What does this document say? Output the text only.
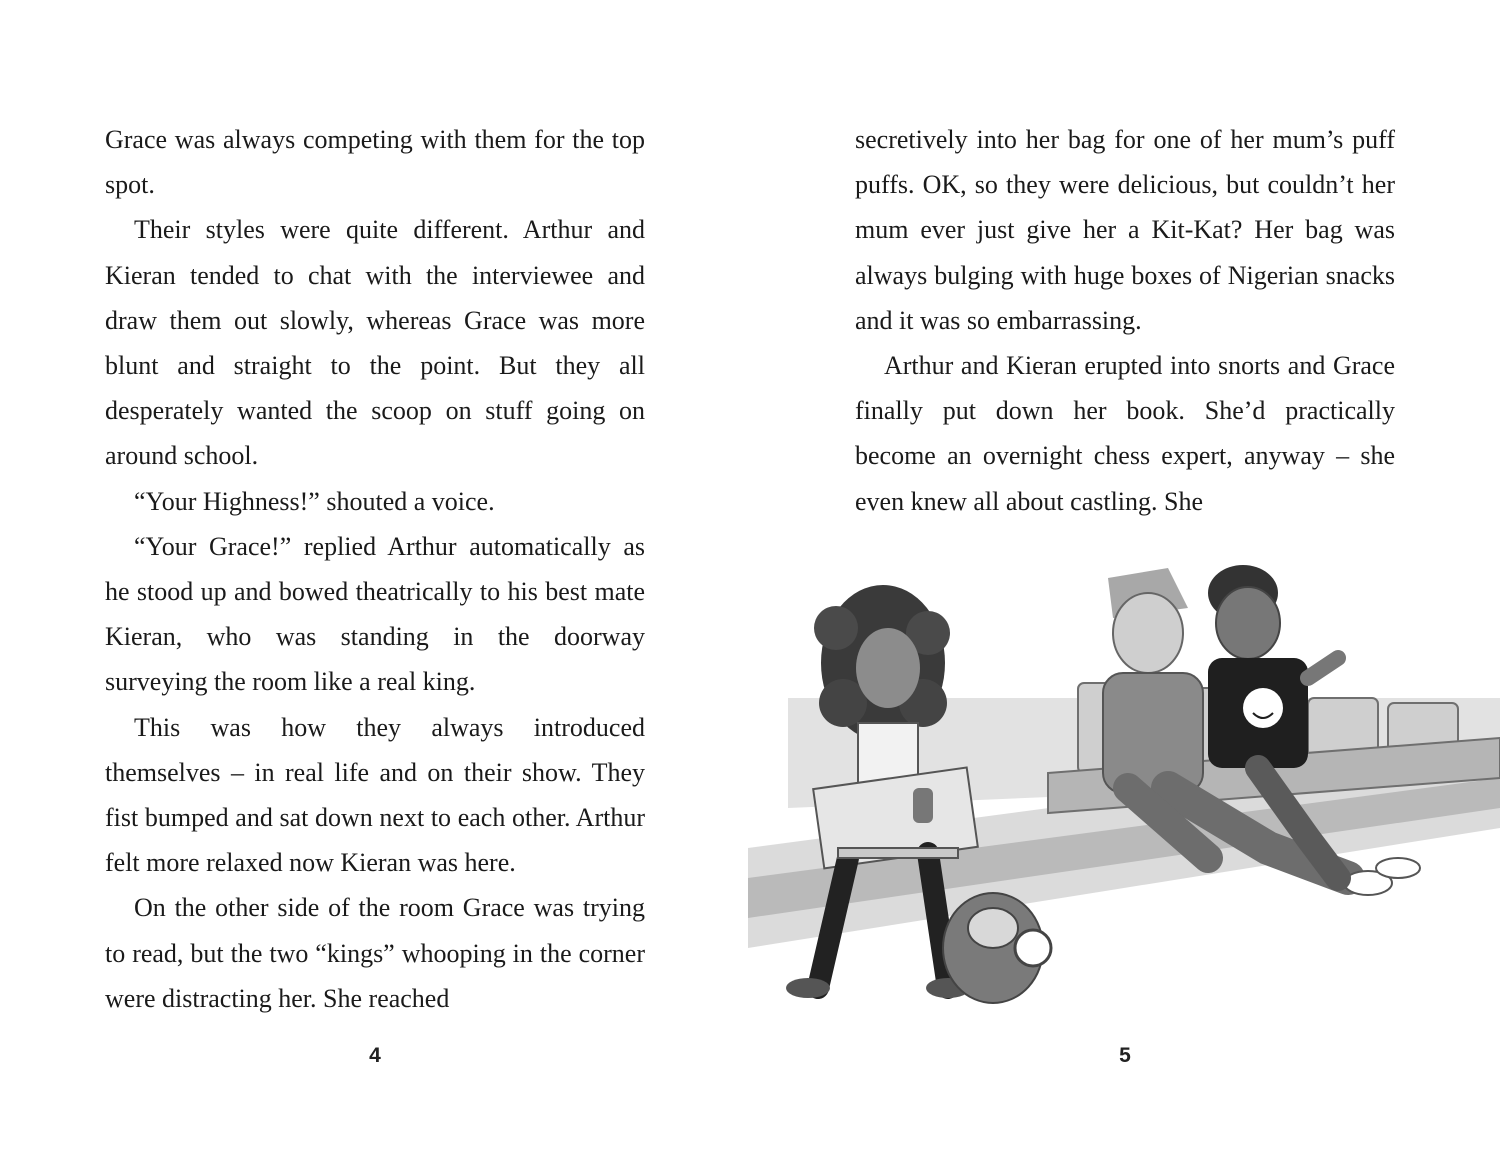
Grace was always competing with them for the top spot.

Their styles were quite different. Arthur and Kieran tended to chat with the interviewee and draw them out slowly, whereas Grace was more blunt and straight to the point. But they all desperately wanted the scoop on stuff going on around school.

“Your Highness!” shouted a voice.

“Your Grace!” replied Arthur automatically as he stood up and bowed theatrically to his best mate Kieran, who was standing in the doorway surveying the room like a real king.

This was how they always introduced themselves – in real life and on their show. They fist bumped and sat down next to each other. Arthur felt more relaxed now Kieran was here.

On the other side of the room Grace was trying to read, but the two “kings” whooping in the corner were distracting her. She reached

secretively into her bag for one of her mum’s puff puffs. OK, so they were delicious, but couldn’t her mum ever just give her a Kit-Kat? Her bag was always bulging with huge boxes of Nigerian snacks and it was so embarrassing.

Arthur and Kieran erupted into snorts and Grace finally put down her book. She’d practically become an overnight chess expert, anyway – she even knew all about castling. She

4	5
